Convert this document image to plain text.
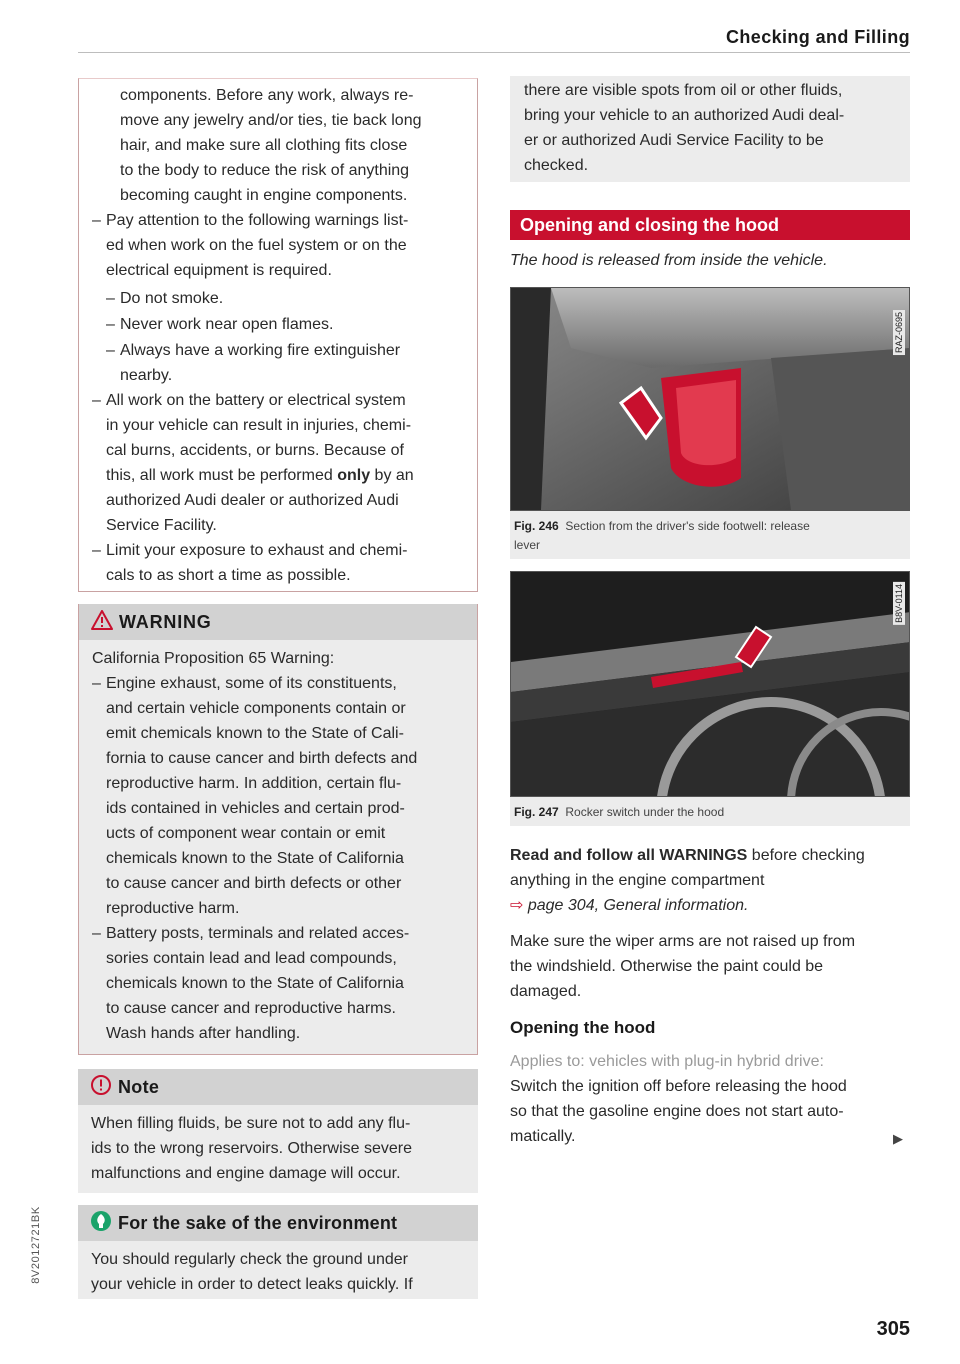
Checking and Filling
8V2012721BK

components. Before any work, always re-

move any jewelry and/or ties, tie back long

hair, and make sure all clothing fits close

to the body to reduce the risk of anything

becoming caught in engine components.

– Pay attention to the following warnings list-
ed when work on the fuel system or on the
electrical equipment is required.
– Do not smoke.
– Never work near open flames.
– Always have a working fire extinguisher
nearby.
– All work on the battery or electrical system
in your vehicle can result in injuries, chemi-
cal burns, accidents, or burns. Because of
this, all work must be performed only by an
authorized Audi dealer or authorized Audi
Service Facility.
– Limit your exposure to exhaust and chemi-
cals to as short a time as possible.
WARNING

California Proposition 65 Warning:

– Engine exhaust, some of its constituents,
and certain vehicle components contain or
emit chemicals known to the State of Cali-
fornia to cause cancer and birth defects and
reproductive harm. In addition, certain flu-
ids contained in vehicles and certain prod-
ucts of component wear contain or emit
chemicals known to the State of California
to cause cancer and birth defects or other
reproductive harm.
– Battery posts, terminals and related acces-
sories contain lead and lead compounds,
chemicals known to the State of California
to cause cancer and reproductive harms.
Wash hands after handling.
Note

When filling fluids, be sure not to add any flu-

ids to the wrong reservoirs. Otherwise severe

malfunctions and engine damage will occur.

For the sake of the environment

You should regularly check the ground under

your vehicle in order to detect leaks quickly. If

there are visible spots from oil or other fluids,

bring your vehicle to an authorized Audi deal-

er or authorized Audi Service Facility to be

checked.

Opening and closing the hood

The hood is released from inside the vehicle.

RAZ-0695
Fig. 246 Section from the driver's side footwell: release
lever
B8V-0114
Fig. 247 Rocker switch under the hood

Read and follow all WARNINGS before checking

anything in the engine compartment

⇨ page 304, General information.

Make sure the wiper arms are not raised up from

the windshield. Otherwise the paint could be

damaged.

Opening the hood

Applies to: vehicles with plug-in hybrid drive:

Switch the ignition off before releasing the hood

so that the gasoline engine does not start auto-

matically.	▶
305
